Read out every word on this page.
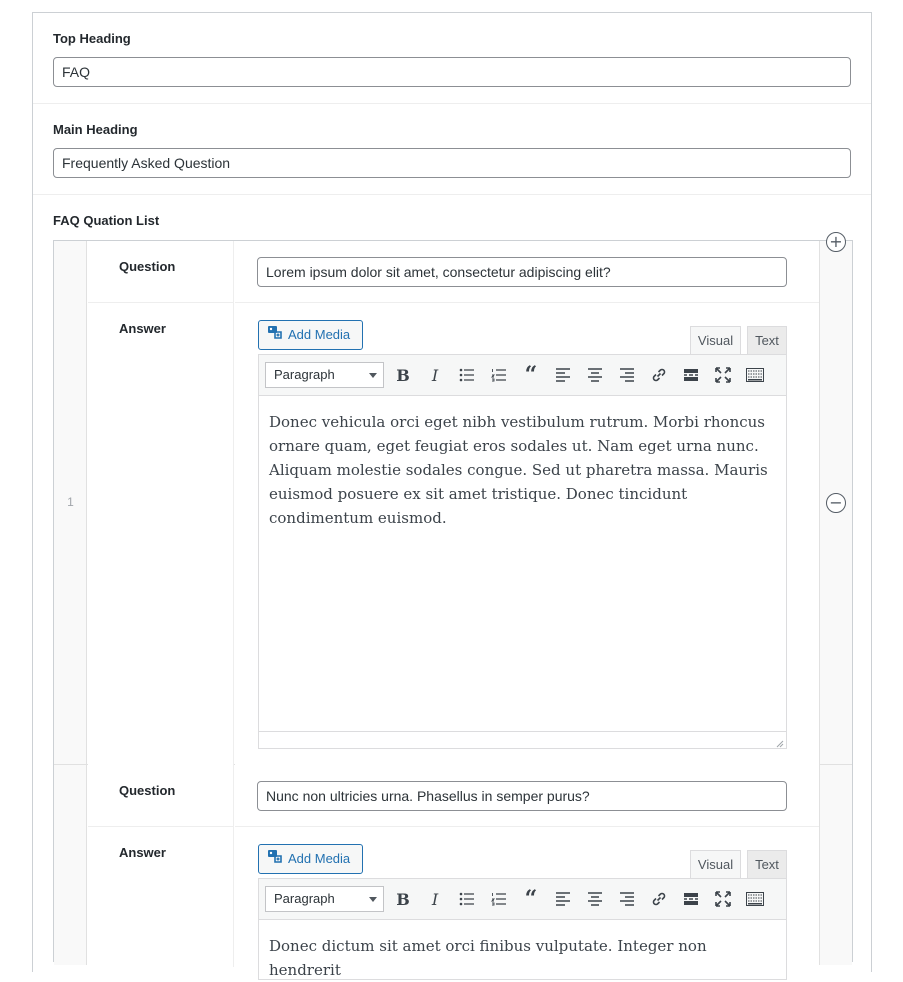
Top Heading
FAQ
Main Heading
Frequently Asked Question
FAQ Quation List
1
Question
Lorem ipsum dolor sit amet, consectetur adipiscing elit?
Answer	Add Media	Visual	Text
Paragraph	B	I	“
Donec vehicula orci eget nibh vestibulum rutrum. Morbi rhoncus ornare quam, eget feugiat eros sodales ut. Nam eget urna nunc. Aliquam molestie sodales congue. Sed ut pharetra massa. Mauris euismod posuere ex sit amet tristique. Donec tincidunt condimentum euismod.
+
−
Question
Nunc non ultricies urna. Phasellus in semper purus?
Answer	Add Media	Visual	Text
Paragraph	B	I	“
Donec dictum sit amet orci finibus vulputate. Integer non hendrerit
